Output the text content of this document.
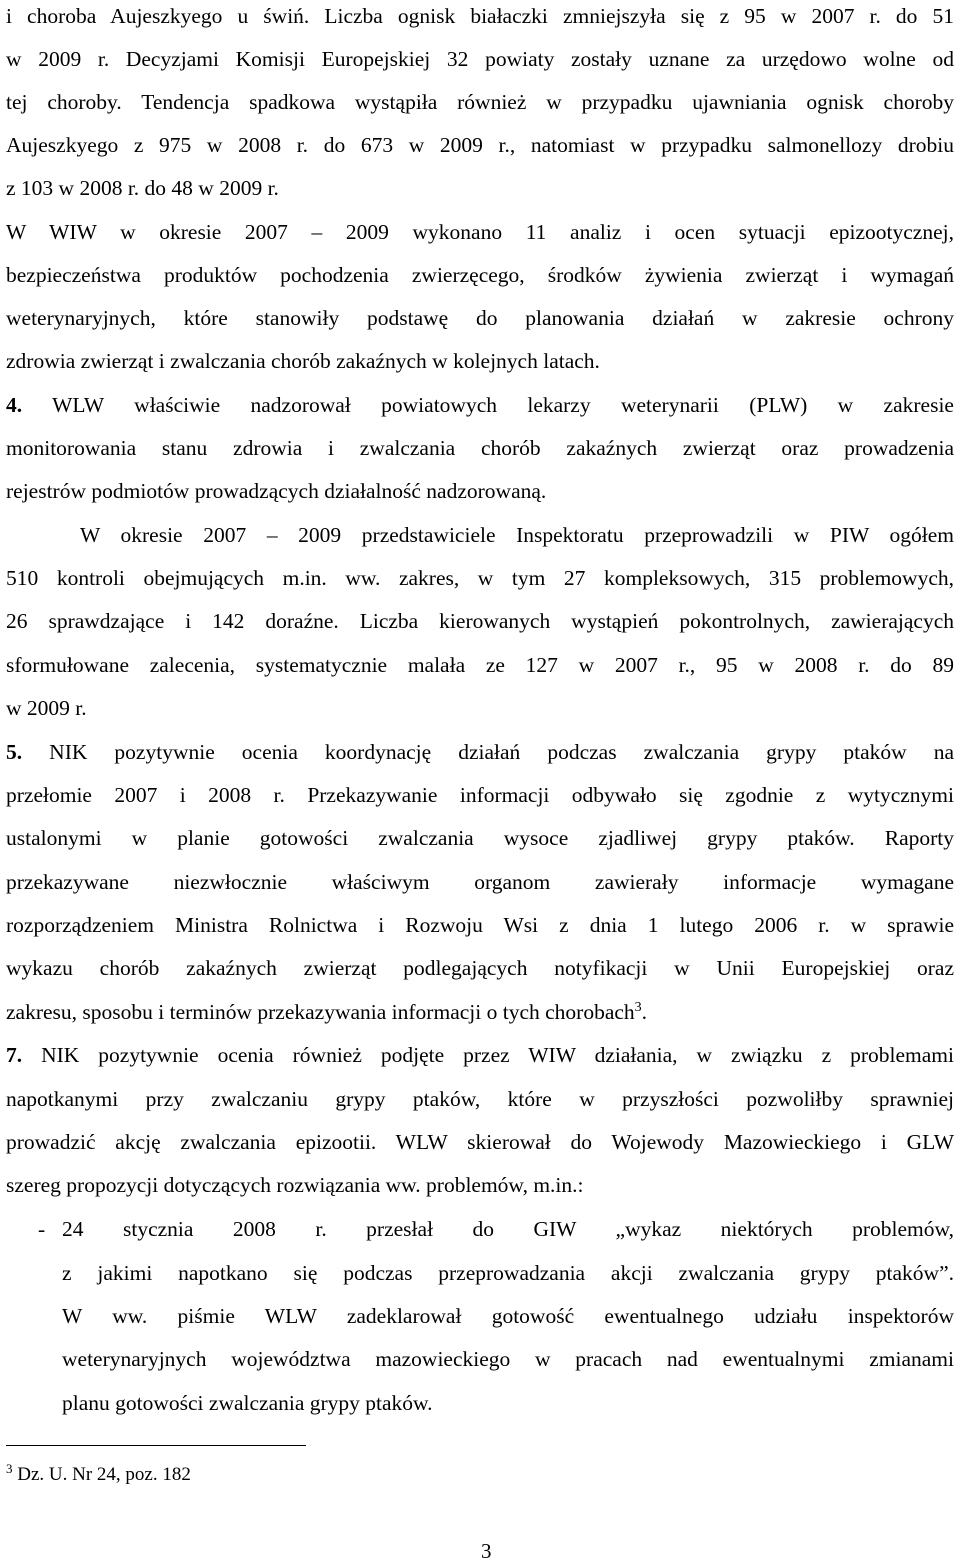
i choroba Aujeszkyego u świń. Liczba ognisk białaczki zmniejszyła się z 95 w 2007 r. do 51
w 2009 r. Decyzjami Komisji Europejskiej 32 powiaty zostały uznane za urzędowo wolne od
tej choroby. Tendencja spadkowa wystąpiła również w przypadku ujawniania ognisk choroby
Aujeszkyego z 975 w 2008 r. do 673 w 2009 r., natomiast w przypadku salmonellozy drobiu
z 103 w 2008 r. do 48 w 2009 r.
W WIW w okresie 2007 – 2009 wykonano 11 analiz i ocen sytuacji epizootycznej,
bezpieczeństwa produktów pochodzenia zwierzęcego, środków żywienia zwierząt i wymagań
weterynaryjnych, które stanowiły podstawę do planowania działań w zakresie ochrony
zdrowia zwierząt i zwalczania chorób zakaźnych w kolejnych latach.
4. WLW właściwie nadzorował powiatowych lekarzy weterynarii (PLW) w zakresie
monitorowania stanu zdrowia i zwalczania chorób zakaźnych zwierząt oraz prowadzenia
rejestrów podmiotów prowadzących działalność nadzorowaną.
W okresie 2007 – 2009 przedstawiciele Inspektoratu przeprowadzili w PIW ogółem
510 kontroli obejmujących m.in. ww. zakres, w tym 27 kompleksowych, 315 problemowych,
26 sprawdzające i 142 doraźne. Liczba kierowanych wystąpień pokontrolnych, zawierających
sformułowane zalecenia, systematycznie malała ze 127 w 2007 r., 95 w 2008 r. do 89
w 2009 r.
5. NIK pozytywnie ocenia koordynację działań podczas zwalczania grypy ptaków na
przełomie 2007 i 2008 r. Przekazywanie informacji odbywało się zgodnie z wytycznymi
ustalonymi w planie gotowości zwalczania wysoce zjadliwej grypy ptaków. Raporty
przekazywane niezwłocznie właściwym organom zawierały informacje wymagane
rozporządzeniem Ministra Rolnictwa i Rozwoju Wsi z dnia 1 lutego 2006 r. w sprawie
wykazu chorób zakaźnych zwierząt podlegających notyfikacji w Unii Europejskiej oraz
zakresu, sposobu i terminów przekazywania informacji o tych chorobach$^3$.
7. NIK pozytywnie ocenia również podjęte przez WIW działania, w związku z problemami
napotkanymi przy zwalczaniu grypy ptaków, które w przyszłości pozwoliłby sprawniej
prowadzić akcję zwalczania epizootii. WLW skierował do Wojewody Mazowieckiego i GLW
szereg propozycji dotyczących rozwiązania ww. problemów, m.in.:
- 24 stycznia 2008 r. przesłał do GIW „wykaz niektórych problemów,
z jakimi napotkano się podczas przeprowadzania akcji zwalczania grypy ptaków”.
W ww. piśmie WLW zadeklarował gotowość ewentualnego udziału inspektorów
weterynaryjnych województwa mazowieckiego w pracach nad ewentualnymi zmianami
planu gotowości zwalczania grypy ptaków.
$^3$ Dz. U. Nr 24, poz. 182
3
